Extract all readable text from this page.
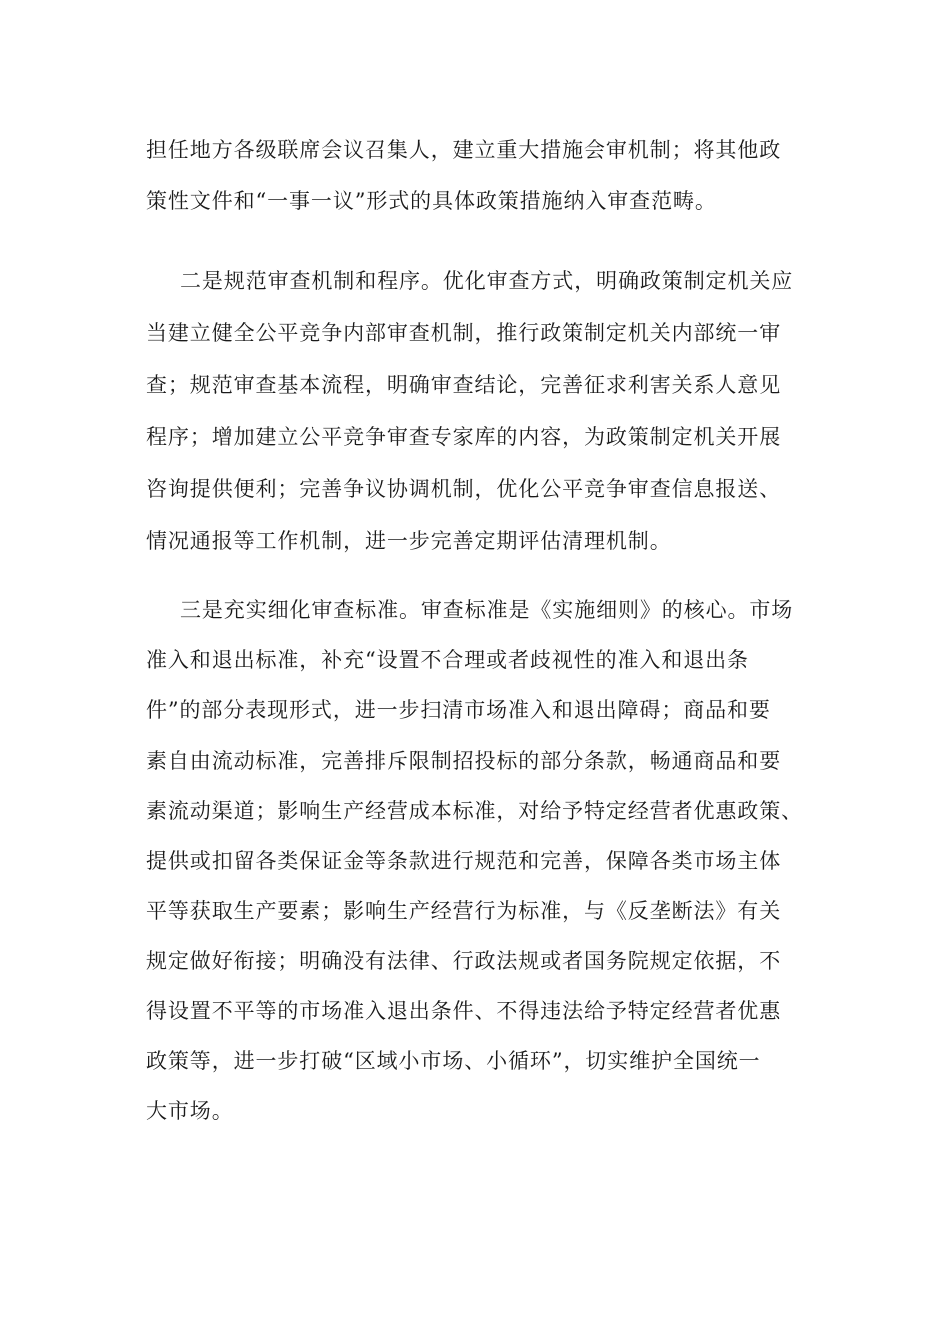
担任地方各级联席会议召集人，建立重大措施会审机制；将其他政
策性文件和“一事一议”形式的具体政策措施纳入审查范畴。
二是规范审查机制和程序。优化审查方式，明确政策制定机关应
当建立健全公平竞争内部审查机制，推行政策制定机关内部统一审
查；规范审查基本流程，明确审查结论，完善征求利害关系人意见
程序；增加建立公平竞争审查专家库的内容，为政策制定机关开展
咨询提供便利；完善争议协调机制，优化公平竞争审查信息报送、
情况通报等工作机制，进一步完善定期评估清理机制。
三是充实细化审查标准。审查标准是《实施细则》的核心。市场
准入和退出标准，补充“设置不合理或者歧视性的准入和退出条
件”的部分表现形式，进一步扫清市场准入和退出障碍；商品和要
素自由流动标准，完善排斥限制招投标的部分条款，畅通商品和要
素流动渠道；影响生产经营成本标准，对给予特定经营者优惠政策、
提供或扣留各类保证金等条款进行规范和完善，保障各类市场主体
平等获取生产要素；影响生产经营行为标准，与《反垄断法》有关
规定做好衔接；明确没有法律、行政法规或者国务院规定依据，不
得设置不平等的市场准入退出条件、不得违法给予特定经营者优惠
政策等，进一步打破“区域小市场、小循环”，切实维护全国统一
大市场。
